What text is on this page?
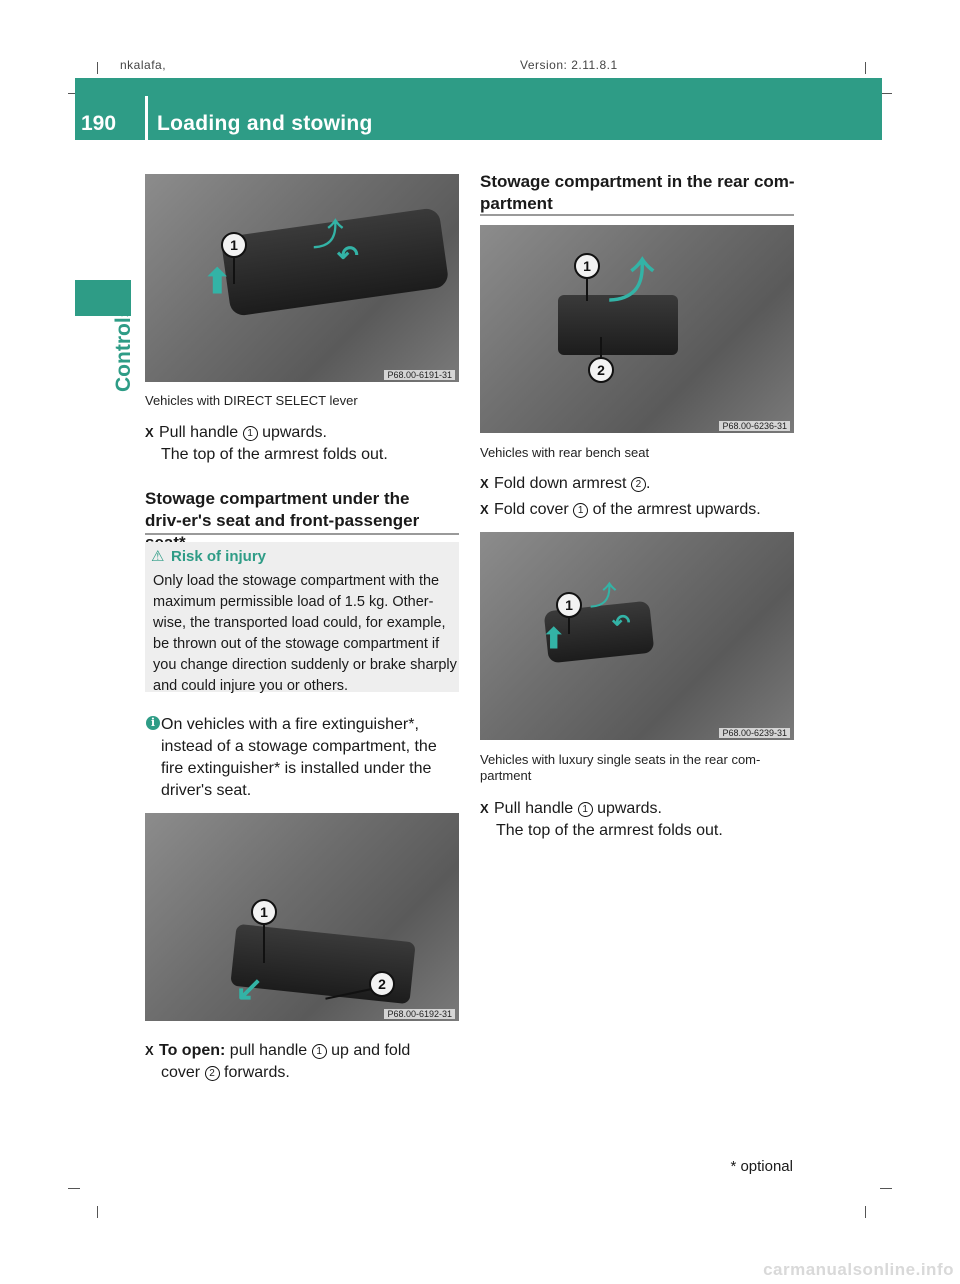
nkalafa,	Version: 2.11.8.1
190	Loading and stowing
Controls
⬆
⤴
↶
1
P68.00-6191-31
Vehicles with DIRECT SELECT lever
X Pull handle 1 upwards.
The top of the armrest folds out.
Stowage compartment under the driv-er's seat and front-passenger
⚠ Risk of injury
Only load the stowage compartment with the maximum permissible load of 1.5 kg. Other-wise, the transported load could, for example, be thrown out of the stowage compartment if you change direction suddenly or brake sharply and could injure you or others.
i On vehicles with a fire extinguisher*, instead of a stowage compartment, the fire extinguisher* is installed under the driver's seat.
↙
1
2
P68.00-6192-31
X To open: pull handle 1 up and fold
cover 2 forwards.
Stowage compartment in the rear com-partment
⤴
1
2
P68.00-6236-31
Vehicles with rear bench seat
X Fold down armrest 2 .
X Fold cover 1 of the armrest upwards.
⬆
⤴
↶
1
P68.00-6239-31
Vehicles with luxury single seats in the rear com-partment
X Pull handle 1 upwards.
The top of the armrest folds out.
* optional
carmanualsonline.info
